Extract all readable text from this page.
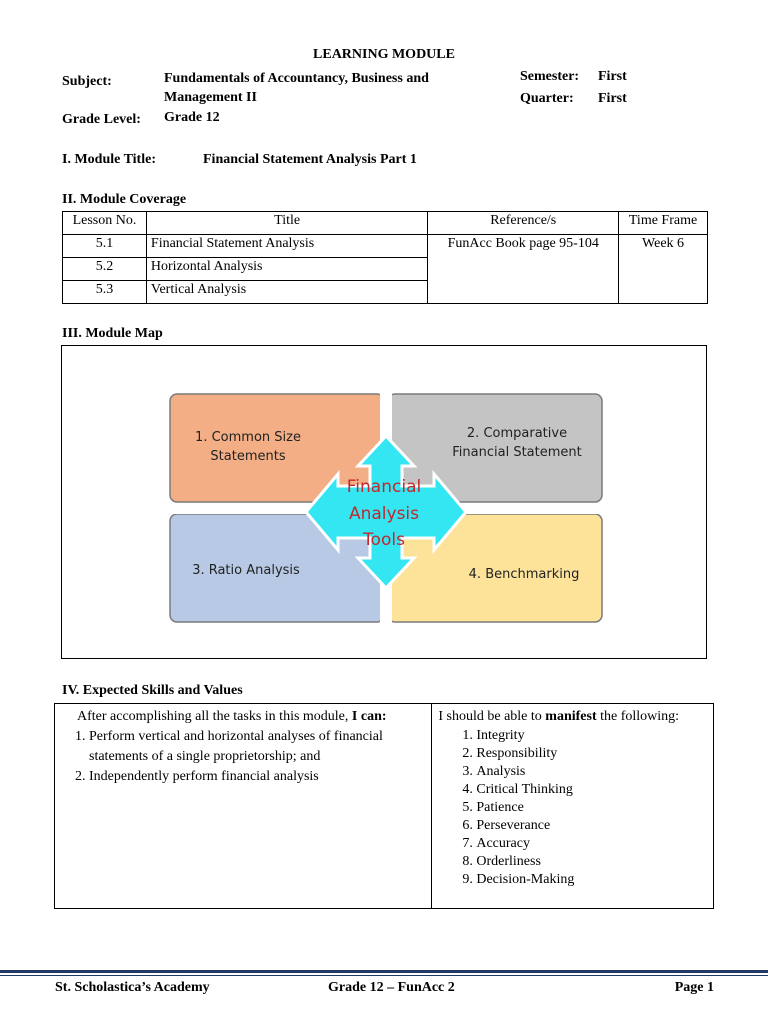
LEARNING MODULE
Subject:	Fundamentals of Accountancy, Business and
Management II
Semester: First
Quarter: First
Grade Level: Grade 12
I. Module Title:	Financial Statement Analysis Part 1
II. Module Coverage
Lesson No.	Title	Reference/s	Time Frame
5.1	Financial Statement Analysis	FunAcc Book page 95-104	Week 6
5.2	Horizontal Analysis		
5.3	Vertical Analysis		
III. Module Map
1. Common Size
Statements
2. Comparative
Financial Statement
3. Ratio Analysis	4. Benchmarking
Financial
Analysis
Tools
IV. Expected Skills and Values
After accomplishing all the tasks in this module, I can:
1. Perform vertical and horizontal analyses of financial statements of a single proprietorship; and
2. Independently perform financial analysis

I should be able to manifest the following:
1. Integrity
2. Responsibility
3. Analysis
4. Critical Thinking
5. Patience
6. Perseverance
7. Accuracy
8. Orderliness
9. Decision-Making
St. Scholastica’s Academy	Grade 12 – FunAcc 2	Page 1
